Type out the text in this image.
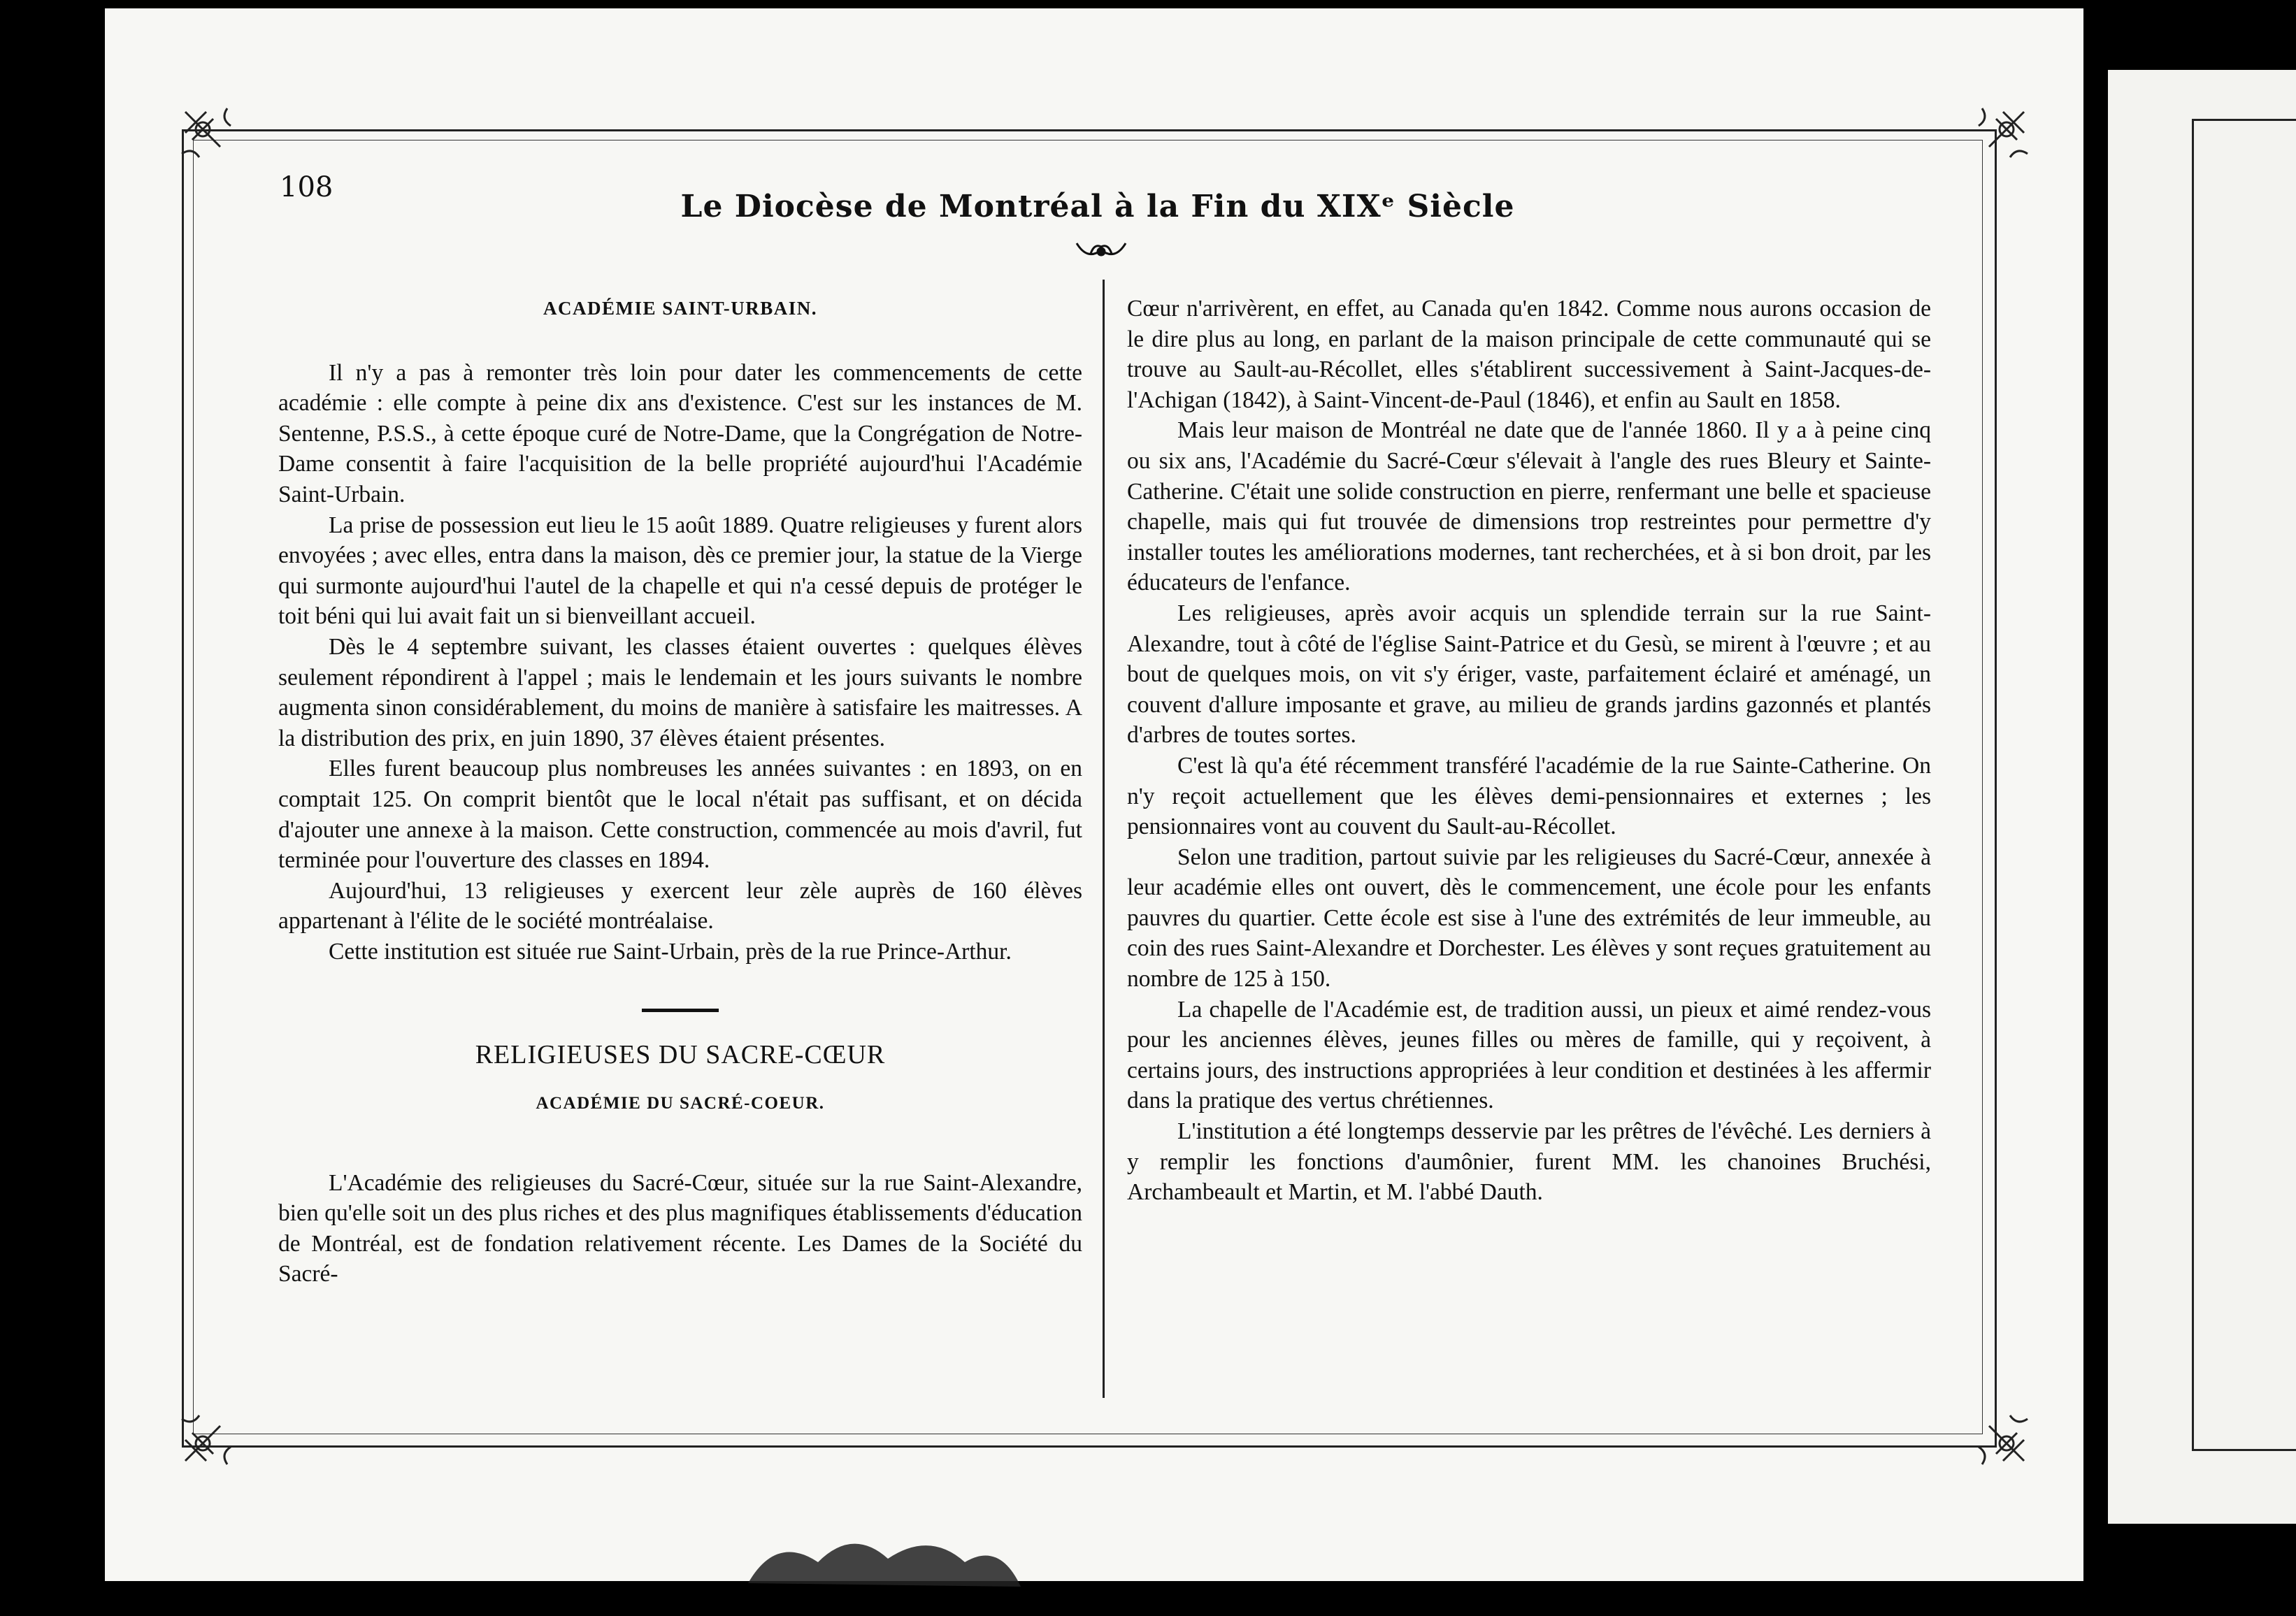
108
Le Diocèse de Montréal à la Fin du XIXᵉ Siècle
ACADÉMIE SAINT-URBAIN.

Il n'y a pas à remonter très loin pour dater les commencements de cette académie : elle compte à peine dix ans d'existence. C'est sur les instances de M. Sentenne, P.S.S., à cette époque curé de Notre-Dame, que la Congrégation de Notre-Dame consentit à faire l'acquisition de la belle propriété aujourd'hui l'Académie Saint-Urbain.

La prise de possession eut lieu le 15 août 1889. Quatre religieuses y furent alors envoyées ; avec elles, entra dans la maison, dès ce premier jour, la statue de la Vierge qui surmonte aujourd'hui l'autel de la chapelle et qui n'a cessé depuis de protéger le toit béni qui lui avait fait un si bienveillant accueil.

Dès le 4 septembre suivant, les classes étaient ouvertes : quelques élèves seulement répondirent à l'appel ; mais le lendemain et les jours suivants le nombre augmenta sinon considérablement, du moins de manière à satisfaire les maitresses. A la distribution des prix, en juin 1890, 37 élèves étaient présentes.

Elles furent beaucoup plus nombreuses les années suivantes : en 1893, on en comptait 125. On comprit bientôt que le local n'était pas suffisant, et on décida d'ajouter une annexe à la maison. Cette construction, commencée au mois d'avril, fut terminée pour l'ouverture des classes en 1894.

Aujourd'hui, 13 religieuses y exercent leur zèle auprès de 160 élèves appartenant à l'élite de le société montréalaise.

Cette institution est située rue Saint-Urbain, près de la rue Prince-Arthur.

RELIGIEUSES DU SACRE-CŒUR
ACADÉMIE DU SACRÉ-COEUR.

L'Académie des religieuses du Sacré-Cœur, située sur la rue Saint-Alexandre, bien qu'elle soit un des plus riches et des plus magnifiques établissements d'éducation de Montréal, est de fondation relativement récente. Les Dames de la Société du Sacré-

Cœur n'arrivèrent, en effet, au Canada qu'en 1842. Comme nous aurons occasion de le dire plus au long, en parlant de la maison principale de cette communauté qui se trouve au Sault-au-Récollet, elles s'établirent successivement à Saint-Jacques-de-l'Achigan (1842), à Saint-Vincent-de-Paul (1846), et enfin au Sault en 1858.

Mais leur maison de Montréal ne date que de l'année 1860. Il y a à peine cinq ou six ans, l'Académie du Sacré-Cœur s'élevait à l'angle des rues Bleury et Sainte-Catherine. C'était une solide construction en pierre, renfermant une belle et spacieuse chapelle, mais qui fut trouvée de dimensions trop restreintes pour permettre d'y installer toutes les améliorations modernes, tant recherchées, et à si bon droit, par les éducateurs de l'enfance.

Les religieuses, après avoir acquis un splendide terrain sur la rue Saint-Alexandre, tout à côté de l'église Saint-Patrice et du Gesù, se mirent à l'œuvre ; et au bout de quelques mois, on vit s'y ériger, vaste, parfaitement éclairé et aménagé, un couvent d'allure imposante et grave, au milieu de grands jardins gazonnés et plantés d'arbres de toutes sortes.

C'est là qu'a été récemment transféré l'académie de la rue Sainte-Catherine. On n'y reçoit actuellement que les élèves demi-pensionnaires et externes ; les pensionnaires vont au couvent du Sault-au-Récollet.

Selon une tradition, partout suivie par les religieuses du Sacré-Cœur, annexée à leur académie elles ont ouvert, dès le commencement, une école pour les enfants pauvres du quartier. Cette école est sise à l'une des extrémités de leur immeuble, au coin des rues Saint-Alexandre et Dorchester. Les élèves y sont reçues gratuitement au nombre de 125 à 150.

La chapelle de l'Académie est, de tradition aussi, un pieux et aimé rendez-vous pour les anciennes élèves, jeunes filles ou mères de famille, qui y reçoivent, à certains jours, des instructions appropriées à leur condition et destinées à les affermir dans la pratique des vertus chrétiennes.

L'institution a été longtemps desservie par les prêtres de l'évêché. Les derniers à y remplir les fonctions d'aumônier, furent MM. les chanoines Bruchési, Archambeault et Martin, et M. l'abbé Dauth.
